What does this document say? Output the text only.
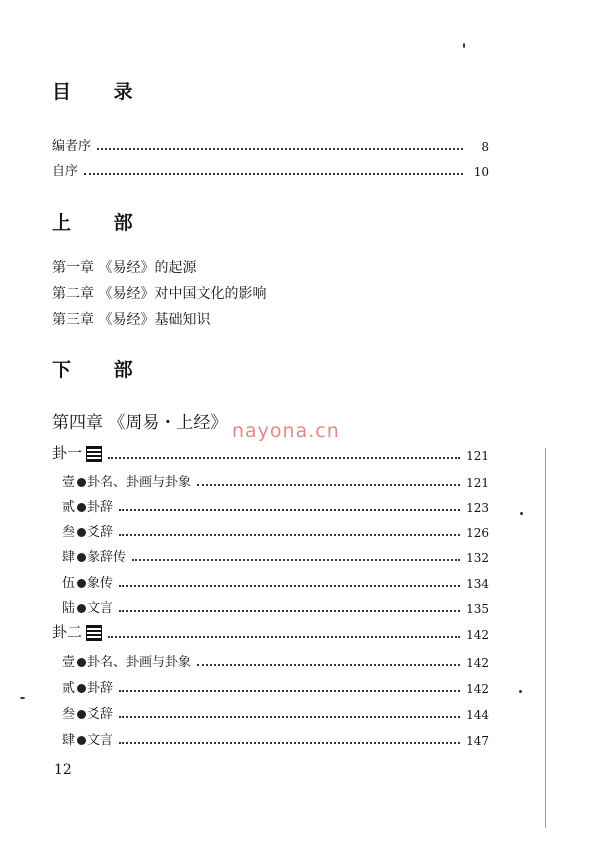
目 录
编者序	8
自序	10
上 部
第一章 《易经》的起源
第二章 《易经》对中国文化的影响
第三章 《易经》基础知识
下 部
第四章 《周易・上经》 nayona.cn
卦一	121
壹 卦名、卦画与卦象	121
贰 卦辞	123
叁 爻辞	126
肆 彖辞传	132
伍 象传	134
陆 文言	135
卦二	142
壹 卦名、卦画与卦象	142
贰 卦辞	142
叁 爻辞	144
肆 文言	147
12
